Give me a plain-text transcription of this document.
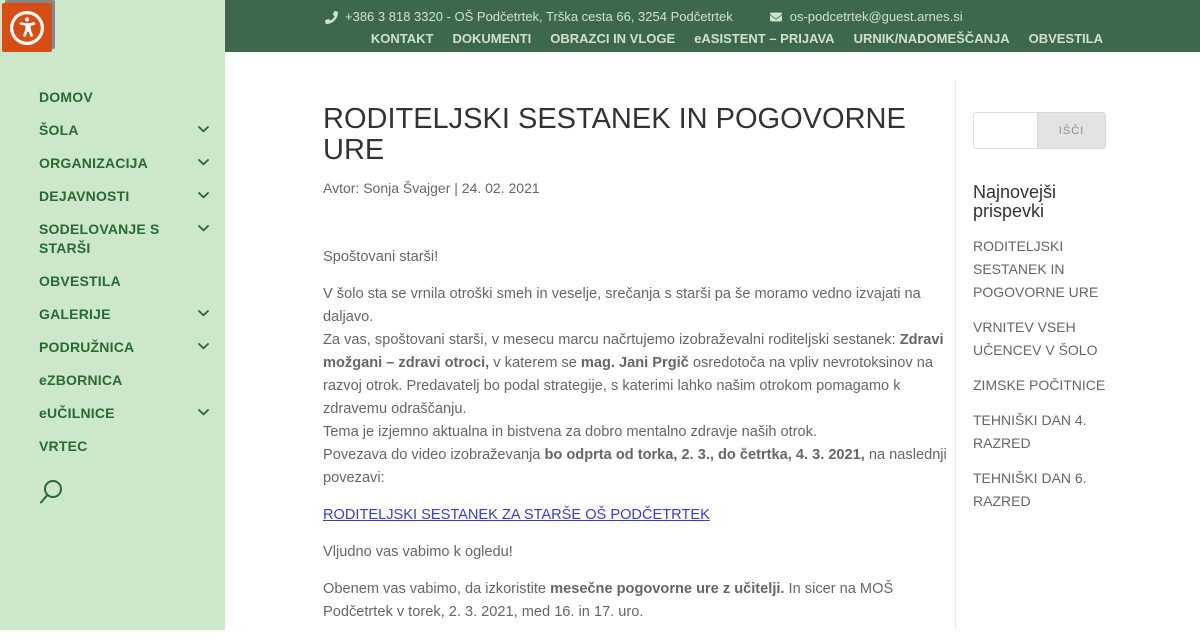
DOMOV
ŠOLA
ORGANIZACIJA
DEJAVNOSTI
SODELOVANJE S STARŠI
OBVESTILA
GALERIJE
PODRUŽNICA
eZBORNICA
eUČILNICE
VRTEC
+386 3 818 3320 - OŠ Podčetrtek, Trška cesta 66, 3254 Podčetrtek	os-podcetrtek@guest.arnes.si
KONTAKT DOKUMENTI OBRAZCI IN VLOGE eASISTENT – PRIJAVA URNIK/NADOMEŠČANJA OBVESTILA
RODITELJSKI SESTANEK IN POGOVORNE URE
Avtor: Sonja Švajger | 24. 02. 2021

Spoštovani starši!

V šolo sta se vrnila otroški smeh in veselje, srečanja s starši pa še moramo vedno izvajati na daljavo.
Za vas, spoštovani starši, v mesecu marcu načrtujemo izobraževalni roditeljski sestanek: Zdravi možgani – zdravi otroci, v katerem se mag. Jani Prgič osredotoča na vpliv nevrotoksinov na razvoj otrok. Predavatelj bo podal strategije, s katerimi lahko našim otrokom pomagamo k zdravemu odraščanju.
Tema je izjemno aktualna in bistvena za dobro mentalno zdravje naših otrok.
Povezava do video izobraževanja bo odprta od torka, 2. 3., do četrtka, 4. 3. 2021, na naslednji povezavi:

RODITELJSKI SESTANEK ZA STARŠE OŠ PODČETRTEK

Vljudno vas vabimo k ogledu!

Obenem vas vabimo, da izkoristite mesečne pogovorne ure z učitelji. In sicer na MOŠ Podčetrtek v torek, 2. 3. 2021, med 16. in 17. uro.

IŠČI
Najnovejši prispevki
RODITELJSKI SESTANEK IN POGOVORNE URE
VRNITEV VSEH UČENCEV V ŠOLO
ZIMSKE POČITNICE
TEHNIŠKI DAN 4. RAZRED
TEHNIŠKI DAN 6. RAZRED
